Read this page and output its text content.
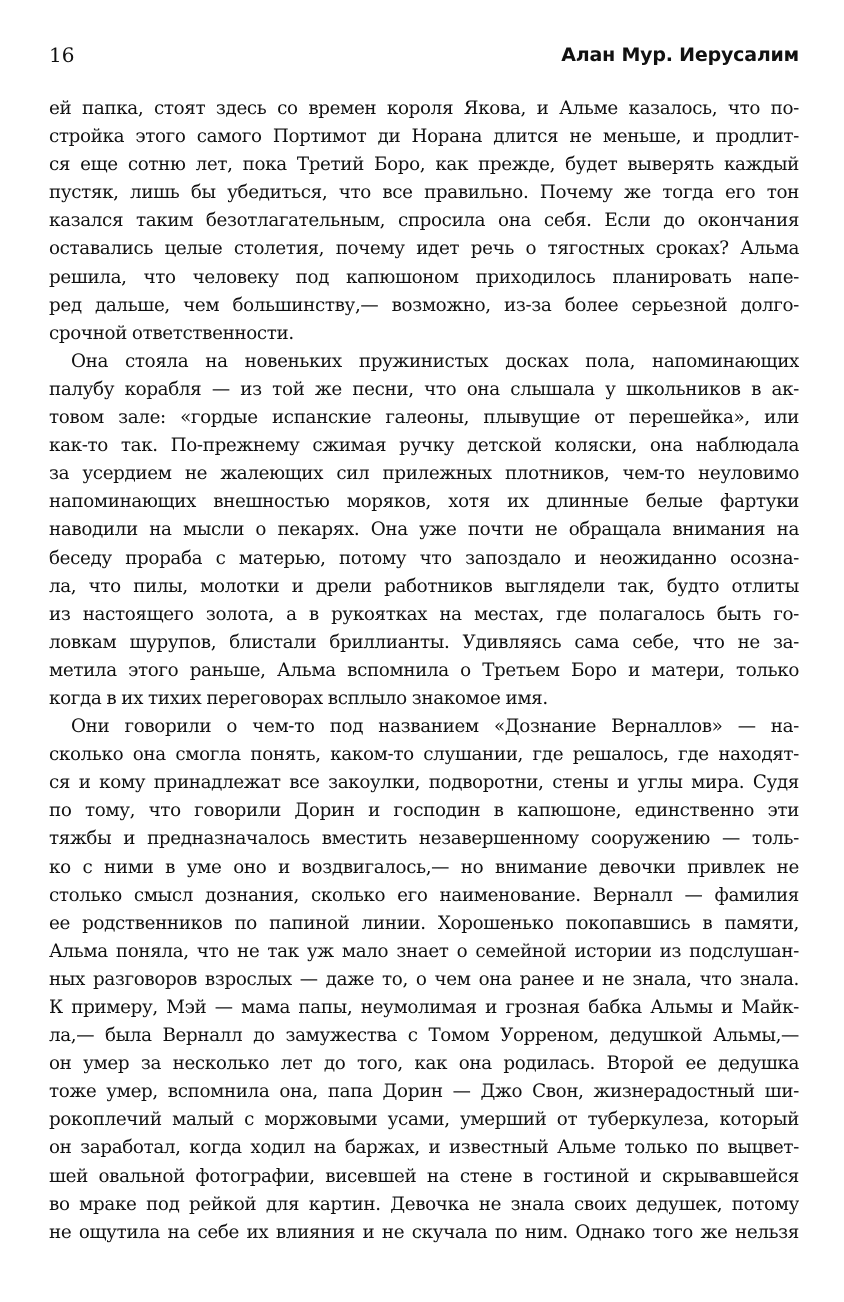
16	Алан Мур. Иерусалим
ей папка, стоят здесь со времен короля Якова, и Альме казалось, что по-
стройка этого самого Портимот ди Норана длится не меньше, и продлит-
ся еще сотню лет, пока Третий Боро, как прежде, будет выверять каждый
пустяк, лишь бы убедиться, что все правильно. Почему же тогда его тон
казался таким безотлагательным, спросила она себя. Если до окончания
оставались целые столетия, почему идет речь о тягостных сроках? Альма
решила, что человеку под капюшоном приходилось планировать напе-
ред дальше, чем большинству,— возможно, из-за более серьезной долго-
срочной ответственности.
Она стояла на новеньких пружинистых досках пола, напоминающих
палубу корабля — из той же песни, что она слышала у школьников в ак-
товом зале: «гордые испанские галеоны, плывущие от перешейка», или
как-то так. По-прежнему сжимая ручку детской коляски, она наблюдала
за усердием не жалеющих сил прилежных плотников, чем-то неуловимо
напоминающих внешностью моряков, хотя их длинные белые фартуки
наводили на мысли о пекарях. Она уже почти не обращала внимания на
беседу прораба с матерью, потому что запоздало и неожиданно осозна-
ла, что пилы, молотки и дрели работников выглядели так, будто отлиты
из настоящего золота, а в рукоятках на местах, где полагалось быть го-
ловкам шурупов, блистали бриллианты. Удивляясь сама себе, что не за-
метила этого раньше, Альма вспомнила о Третьем Боро и матери, только
когда в их тихих переговорах всплыло знакомое имя.
Они говорили о чем-то под названием «Дознание Верналлов» — на-
сколько она смогла понять, каком-то слушании, где решалось, где находят-
ся и кому принадлежат все закоулки, подворотни, стены и углы мира. Судя
по тому, что говорили Дорин и господин в капюшоне, единственно эти
тяжбы и предназначалось вместить незавершенному сооружению — толь-
ко с ними в уме оно и воздвигалось,— но внимание девочки привлек не
столько смысл дознания, сколько его наименование. Верналл — фамилия
ее родственников по папиной линии. Хорошенько покопавшись в памяти,
Альма поняла, что не так уж мало знает о семейной истории из подслушан-
ных разговоров взрослых — даже то, о чем она ранее и не знала, что знала.
К примеру, Мэй — мама папы, неумолимая и грозная бабка Альмы и Майк-
ла,— была Верналл до замужества с Томом Уорреном, дедушкой Альмы,—
он умер за несколько лет до того, как она родилась. Второй ее дедушка
тоже умер, вспомнила она, папа Дорин — Джо Свон, жизнерадостный ши-
рокоплечий малый с моржовыми усами, умерший от туберкулеза, который
он заработал, когда ходил на баржах, и известный Альме только по выцвет-
шей овальной фотографии, висевшей на стене в гостиной и скрывавшейся
во мраке под рейкой для картин. Девочка не знала своих дедушек, потому
не ощутила на себе их влияния и не скучала по ним. Однако того же нельзя
